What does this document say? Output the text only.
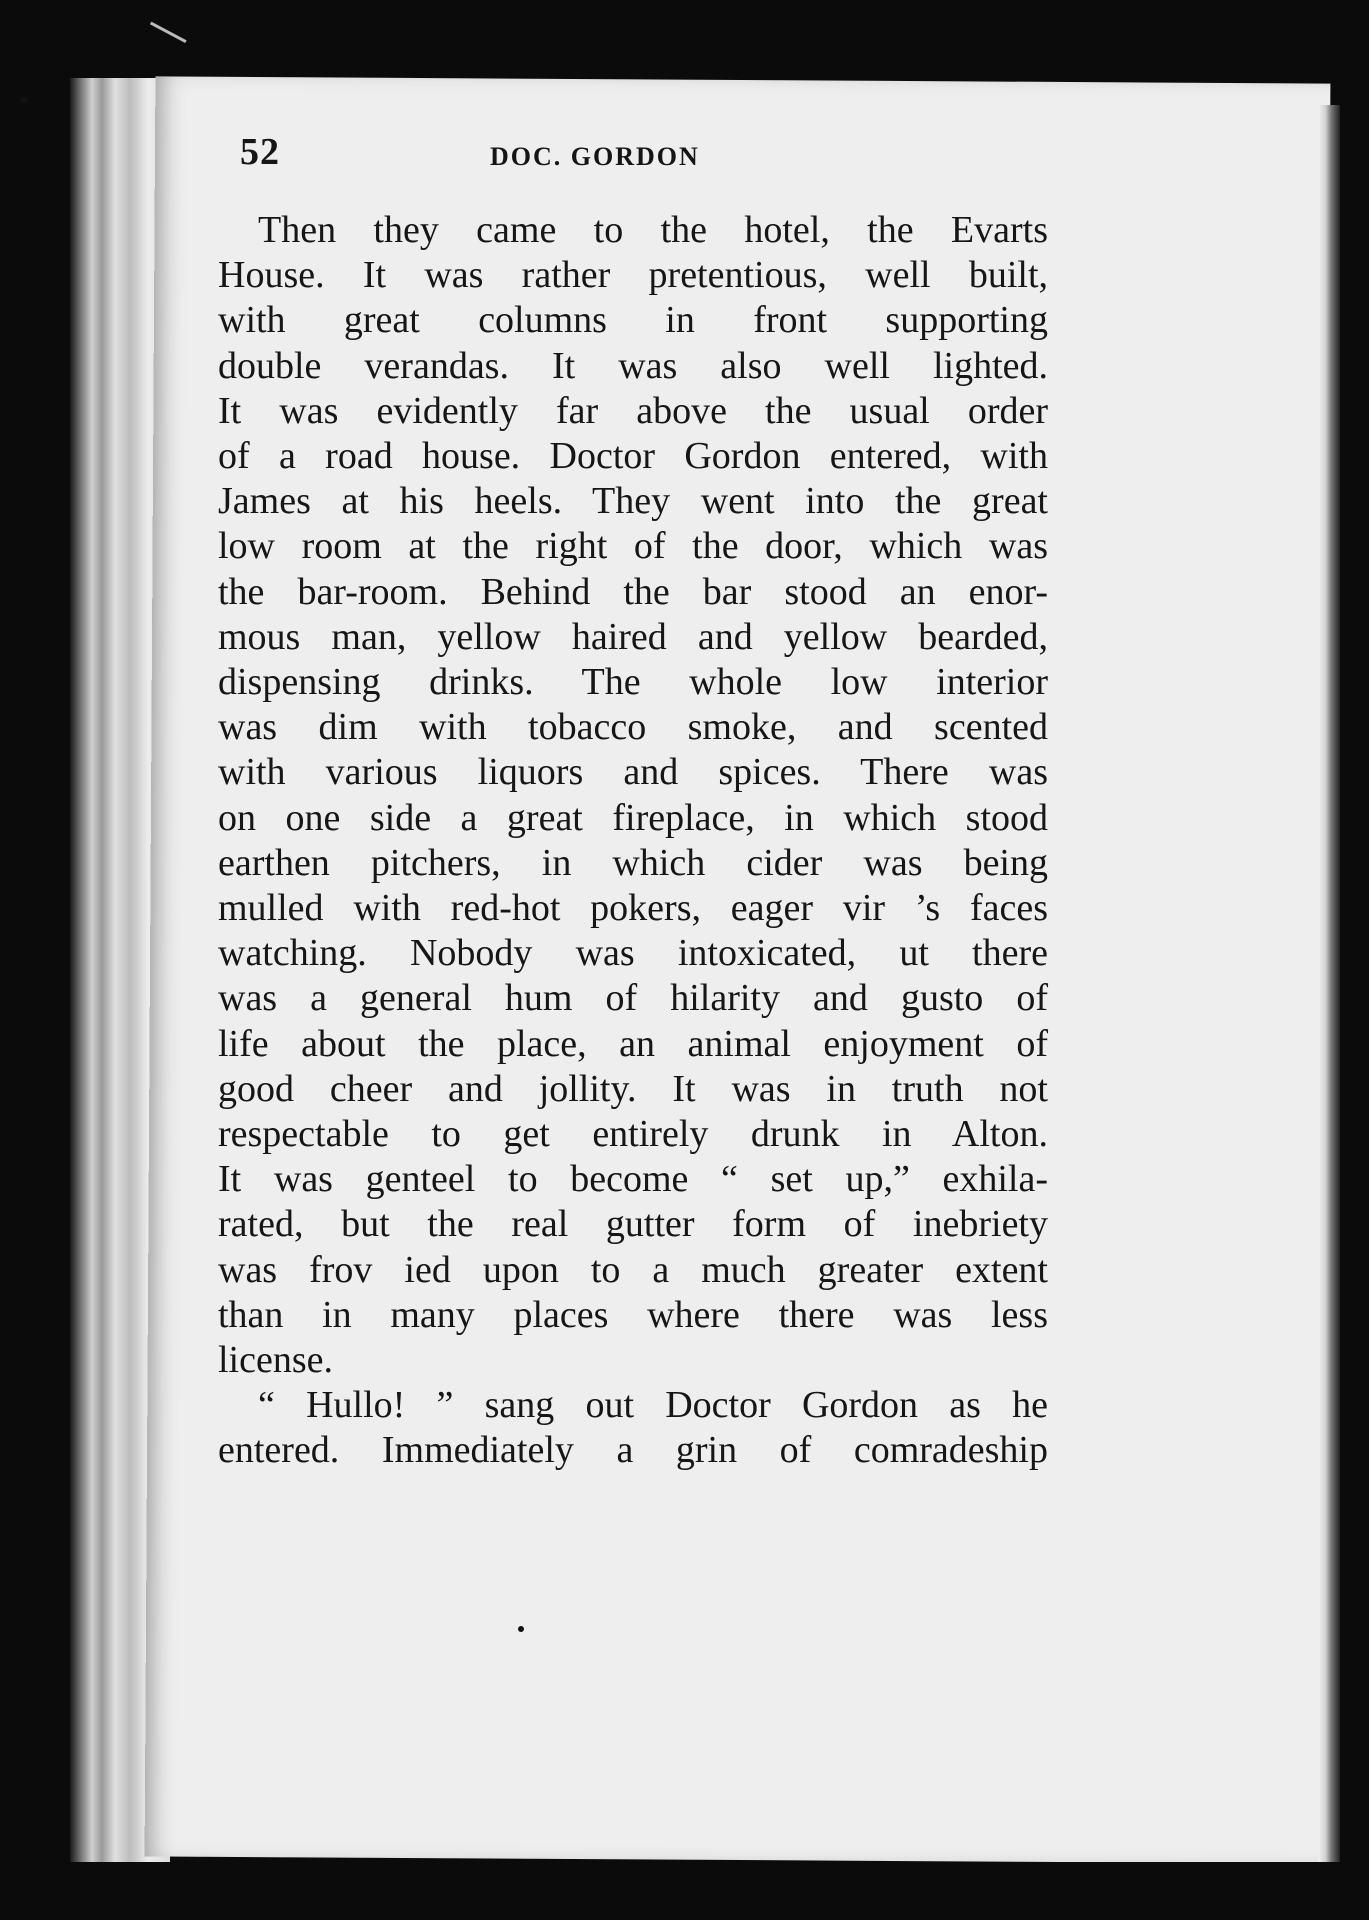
52	DOC. GORDON
Then they came to the hotel, the Evarts
House. It was rather pretentious, well built,
with great columns in front supporting
double verandas. It was also well lighted.
It was evidently far above the usual order
of a road house. Doctor Gordon entered, with
James at his heels. They went into the great
low room at the right of the door, which was
the bar-room. Behind the bar stood an enor-
mous man, yellow haired and yellow bearded,
dispensing drinks. The whole low interior
was dim with tobacco smoke, and scented
with various liquors and spices. There was
on one side a great fireplace, in which stood
earthen pitchers, in which cider was being
mulled with red-hot pokers, eager vir ’s faces
watching. Nobody was intoxicated, ut there
was a general hum of hilarity and gusto of
life about the place, an animal enjoyment of
good cheer and jollity. It was in truth not
respectable to get entirely drunk in Alton.
It was genteel to become “ set up,” exhila-
rated, but the real gutter form of inebriety
was frov ied upon to a much greater extent
than in many places where there was less
license.
“ Hullo! ” sang out Doctor Gordon as he
entered. Immediately a grin of comradeship
